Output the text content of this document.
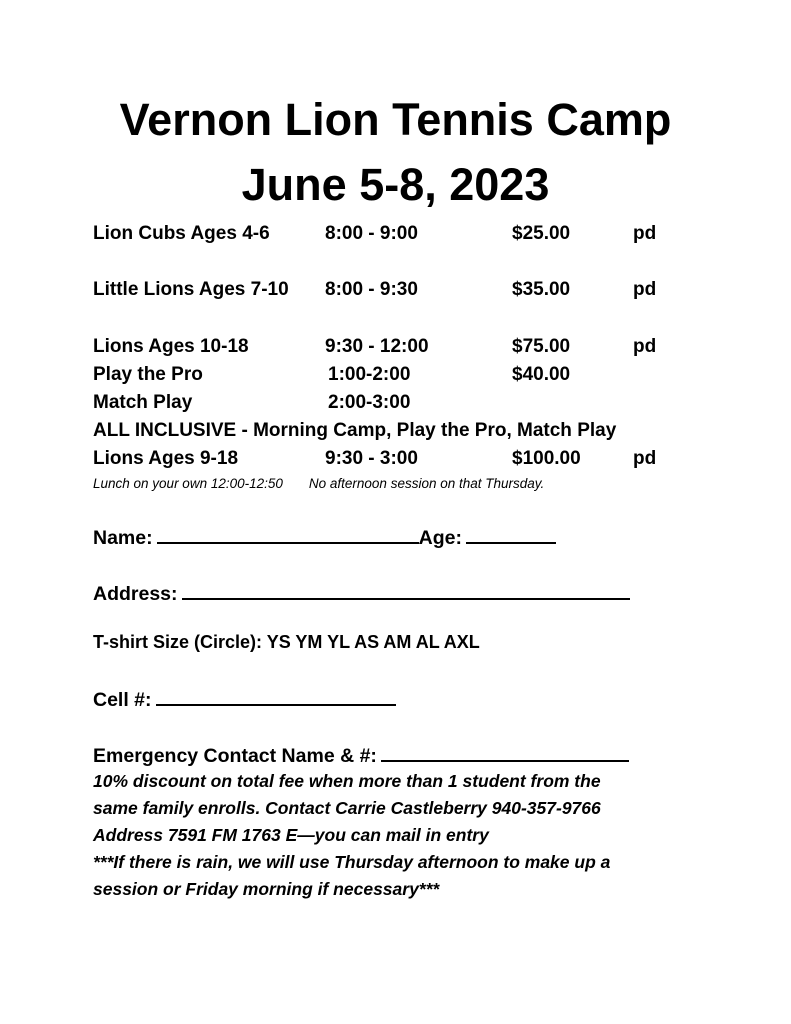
Vernon Lion Tennis Camp
June 5-8, 2023
Lion Cubs Ages 4-6	8:00 - 9:00	$25.00	pd
Little Lions Ages 7-10 8:00 - 9:30	$35.00	pd
Lions Ages 10-18	9:30 - 12:00	$75.00	pd
Play the Pro	1:00-2:00	$40.00
Match Play	2:00-3:00
ALL INCLUSIVE - Morning Camp, Play the Pro, Match Play
Lions Ages 9-18	9:30 - 3:00	$100.00	pd
Lunch on your own 12:00-12:50 No afternoon session on that Thursday.
Name:	Age:
Address:
T-shirt Size (Circle): YS YM YL AS AM AL AXL
Cell #:
Emergency Contact Name & #:
10% discount on total fee when more than 1 student from the
same family enrolls. Contact Carrie Castleberry 940-357-9766
Address 7591 FM 1763 E—you can mail in entry
***If there is rain, we will use Thursday afternoon to make up a
session or Friday morning if necessary***
